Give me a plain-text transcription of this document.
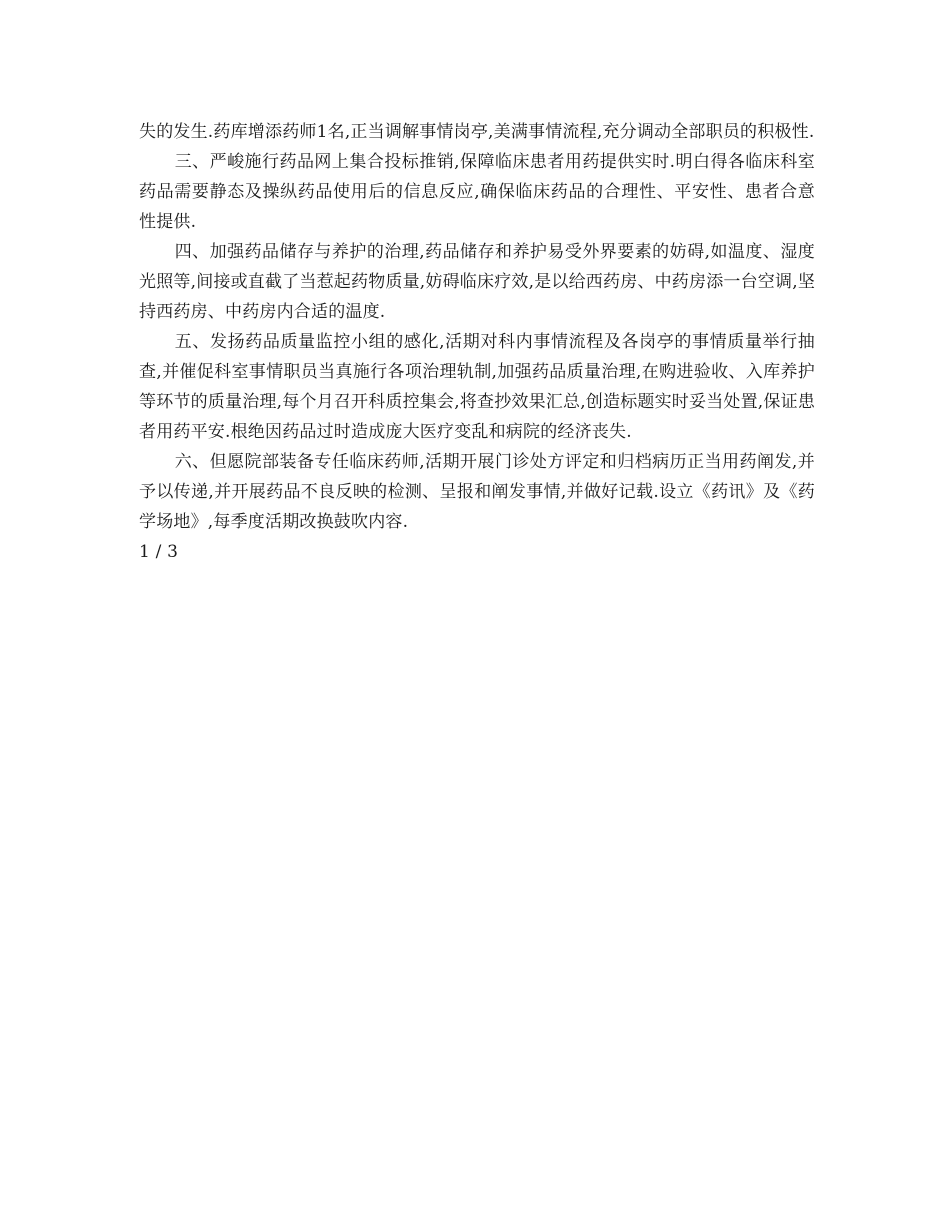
失的发生.药库增添药师1名,正当调解事情岗亭,美满事情流程,充分调动全部职员的积极性.

三、严峻施行药品网上集合投标推销,保障临床患者用药提供实时.明白得各临床科室药品需要静态及操纵药品使用后的信息反应,确保临床药品的合理性、平安性、患者合意性提供.

四、加强药品储存与养护的治理,药品储存和养护易受外界要素的妨碍,如温度、湿度光照等,间接或直截了当惹起药物质量,妨碍临床疗效,是以给西药房、中药房添一台空调,坚持西药房、中药房内合适的温度.

五、发扬药品质量监控小组的感化,活期对科内事情流程及各岗亭的事情质量举行抽查,并催促科室事情职员当真施行各项治理轨制,加强药品质量治理,在购进验收、入库养护等环节的质量治理,每个月召开科质控集会,将查抄效果汇总,创造标题实时妥当处置,保证患者用药平安.根绝因药品过时造成庞大医疗变乱和病院的经济丧失.

六、但愿院部装备专任临床药师,活期开展门诊处方评定和归档病历正当用药阐发,并予以传递,并开展药品不良反映的检测、呈报和阐发事情,并做好记载.设立《药讯》及《药学场地》,每季度活期改换鼓吹内容.

1 / 3
